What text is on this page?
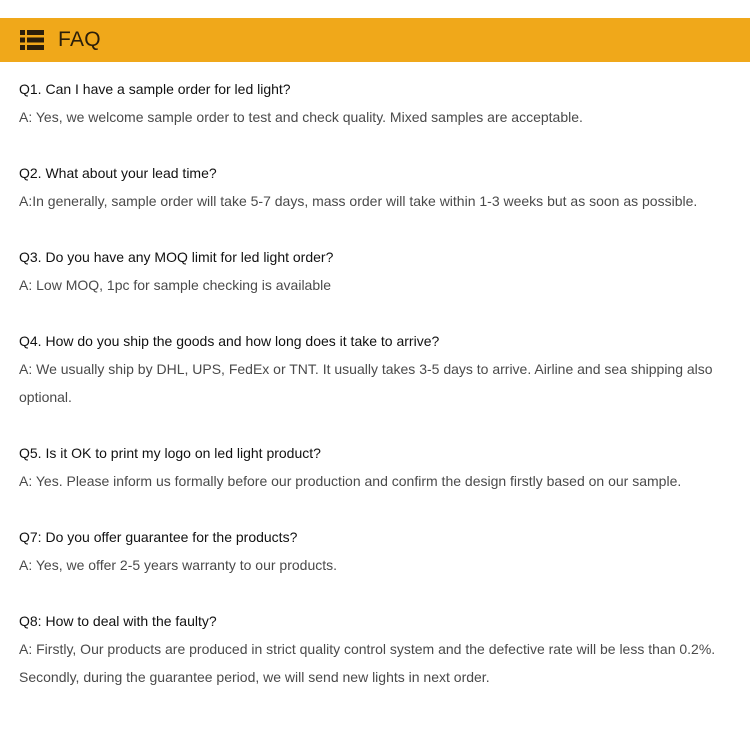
FAQ

Q1. Can I have a sample order for led light?

A: Yes, we welcome sample order to test and check quality. Mixed samples are acceptable.

Q2. What about your lead time?

A:In generally, sample order will take 5-7 days, mass order will take within 1-3 weeks but as soon as possible.

Q3. Do you have any MOQ limit for led light order?

A: Low MOQ, 1pc for sample checking is available

Q4. How do you ship the goods and how long does it take to arrive?

A: We usually ship by DHL, UPS, FedEx or TNT. It usually takes 3-5 days to arrive. Airline and sea shipping also optional.

Q5. Is it OK to print my logo on led light product?

A: Yes. Please inform us formally before our production and confirm the design firstly based on our sample.

Q7: Do you offer guarantee for the products?

A: Yes, we offer 2-5 years warranty to our products.

Q8: How to deal with the faulty?

A: Firstly, Our products are produced in strict quality control system and the defective rate will be less than 0.2%.

Secondly, during the guarantee period, we will send new lights in next order.
